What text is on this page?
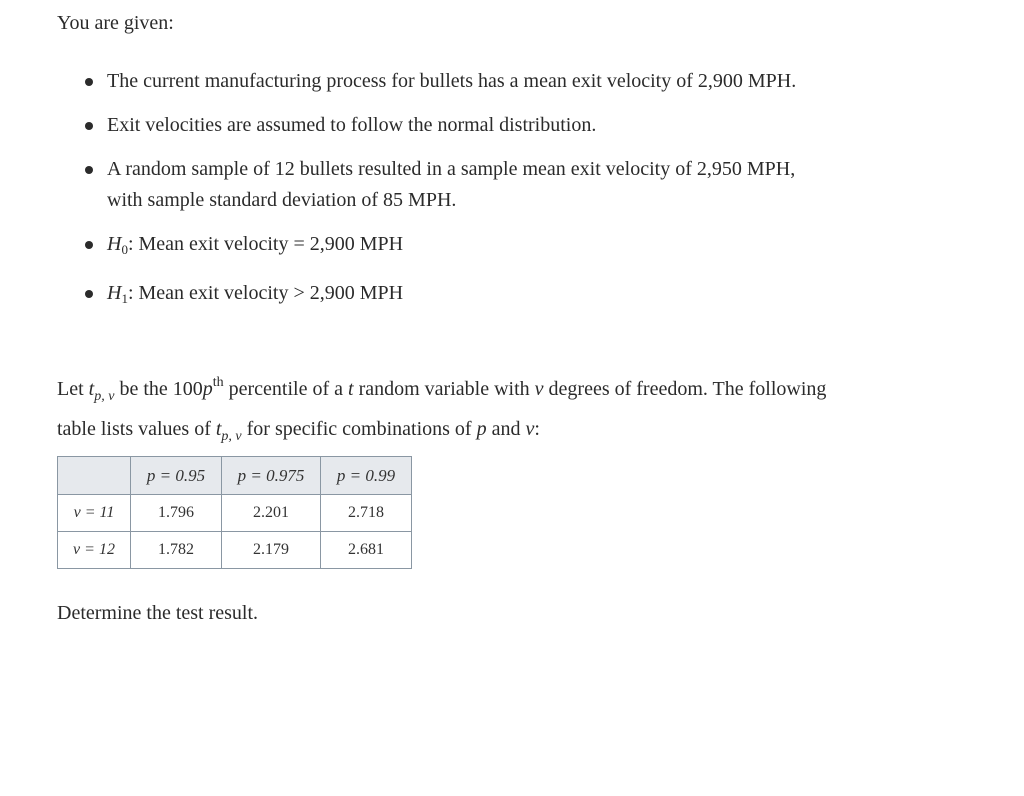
You are given:

The current manufacturing process for bullets has a mean exit velocity of 2,900 MPH.
Exit velocities are assumed to follow the normal distribution.
A random sample of 12 bullets resulted in a sample mean exit velocity of 2,950 MPH, with sample standard deviation of 85 MPH.
$H_0$: Mean exit velocity = 2,900 MPH
$H_1$: Mean exit velocity > 2,900 MPH

Let $t_{p, \nu}$ be the $100p^{th}$ percentile of a t random variable with ν degrees of freedom. The following table lists values of $t_{p, \nu}$ for specific combinations of p and ν:

	p = 0.95	p = 0.975	p = 0.99
ν = 11	1.796	2.201	2.718
ν = 12	1.782	2.179	2.681

Determine the test result.
